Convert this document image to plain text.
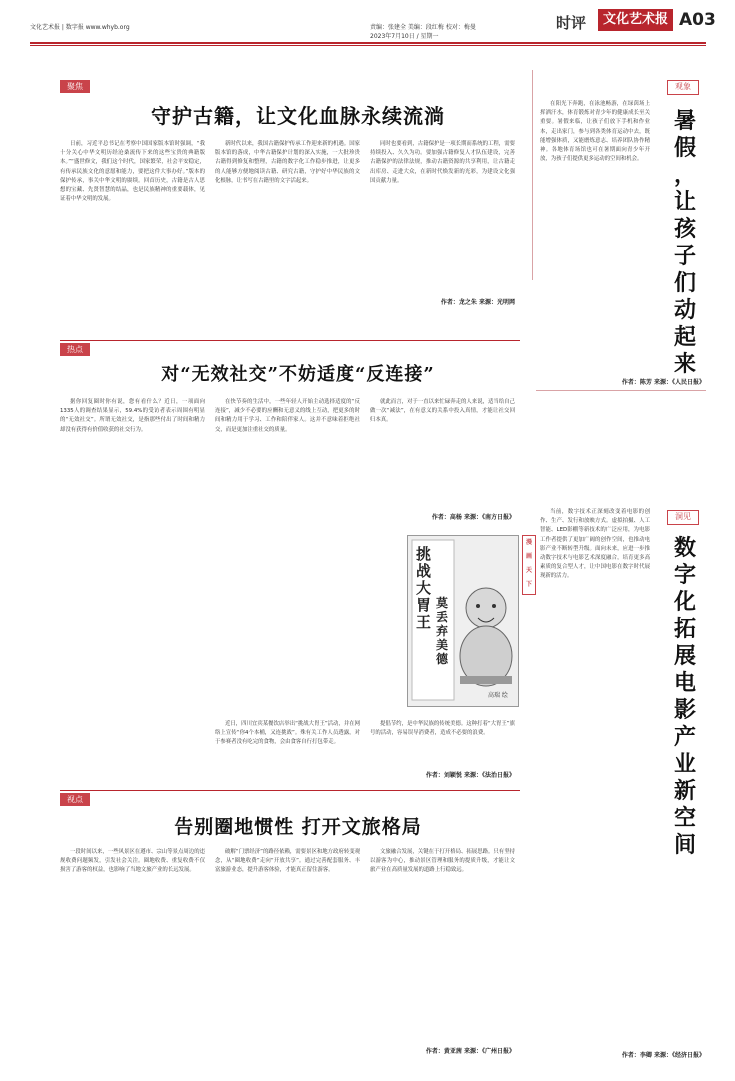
文化艺术报 | 数字报 www.whyb.org	责编：张建全 美编：段红梅 校对：梅曼
2023年7月10日 / 星期一
时评	文化艺术报 A03
聚焦
守护古籍，让文化血脉永续流淌

日前，习近平总书记在考察中国国家版本馆时强调，“我十分关心中华文明历经沧桑流传下来的这些宝贵的典籍版本。”“盛世修文，我们这个时代，国家繁荣，社会平安稳定，有传承民族文化的意愿和能力，要把这件大事办好。”版本的保护传承，事关中华文明的赓续。回首历史，古籍是古人思想的宝藏、先贤智慧的结晶，也是民族精神的重要载体，见证着中华文明的发展。

新时代以来，我国古籍保护传承工作迎来新的机遇。国家版本馆的落成，中华古籍保护计划的深入实施，一大批珍贵古籍得到修复和整理，古籍的数字化工作稳步推进，让更多的人能够方便地阅读古籍、研究古籍，守护好中华民族的文化根脉，让书写在古籍里的文字活起来。

同时也要看到，古籍保护是一项长期而系统的工程，需要持续投入、久久为功。要加强古籍修复人才队伍建设，完善古籍保护的法律法规，推动古籍资源的共享利用，让古籍走出库房、走进大众，在新时代焕发新的光彩，为建设文化强国贡献力量。

作者：龙之朱 来源：光明网
热点
对“无效社交”不妨适度“反连接”

据你回复圈时你有说，您有看什么？近日，一项面向1335人的调查结果显示，59.4%的受访者表示周围有明显的“无效社交”。所谓无效社交，是指那些付出了时间和精力却没有获得有价值收获的社交行为。

在快节奏的生活中，一些年轻人开始主动选择适度的“反连接”，减少不必要的应酬和无意义的线上互动，把更多的时间和精力用于学习、工作和陪伴家人。这并不意味着拒绝社交，而是更加注重社交的质量。

就此而言，对于一直以来忙碌奔走的人来说，适当给自己做一次“减法”，在有意义的关系中投入真情，才能让社交回归本真。

作者：高杨 来源：《南方日报》
挑战大胃王
莫丢弃美德
高瑞 绘
漫
画
天
下

近日，四川宜宾某餐饮店举出“挑战大胃王”活动，并在网络上宣传“你4个本桶，又连挑战”。殊有关工作人员透露，对于参赛者没有吃完的食物，会由食客自行打包带走。

提倡节约，是中华民族的传统美德。这种打着“大胃王”旗号的活动，容易误导消费者，造成不必要的浪费。

作者：刘颖悦 来源：《法治日报》
视点
告别圈地惯性 打开文旅格局

一段时间以来，一些风景区在遵市、宗山等景点周边的违规收费问题频发，引发社会关注。圈地收费、重复收费不仅损害了游客的权益，也影响了当地文旅产业的长远发展。

破解“门票经济”的路径依赖，需要景区和地方政府转变观念，从“圈地收费”走向“开放共享”。通过完善配套服务、丰富旅游业态，提升游客体验，才能真正留住游客。

文旅融合发展，关键在于打开格局、拓展思路。只有坚持以游客为中心，推动景区管理和服务的提质升级，才能让文旅产业在高质量发展的道路上行稳致远。

作者：黄亚茜 来源：《广州日报》
观象

在阳光下奔跑，在泳池畅游，在绿茵场上挥洒汗水，体育锻炼对青少年的健康成长至关重要。暑假来临，让孩子们放下手机和作业本，走出家门，参与到各类体育运动中去，既能增强体质，又能磨炼意志、培养团队协作精神。各地体育场馆也可在暑期面向青少年开放，为孩子们提供更多运动的空间和机会。

暑
假
，
让
孩
子
们
动
起
来
作者：陈芳 来源：《人民日报》
洞见

当前，数字技术正深刻改变着电影的创作、生产、发行和放映方式。虚拟拍摄、人工智能、LED影棚等新技术的广泛应用，为电影工作者提供了更加广阔的创作空间，也推动电影产业不断转型升级。面向未来，应进一步推动数字技术与电影艺术深度融合，培育更多高素质的复合型人才，让中国电影在数字时代展现新的活力。

数
字
化
拓
展
电
影
产
业
新
空
间
作者：李卿 来源：《经济日报》
